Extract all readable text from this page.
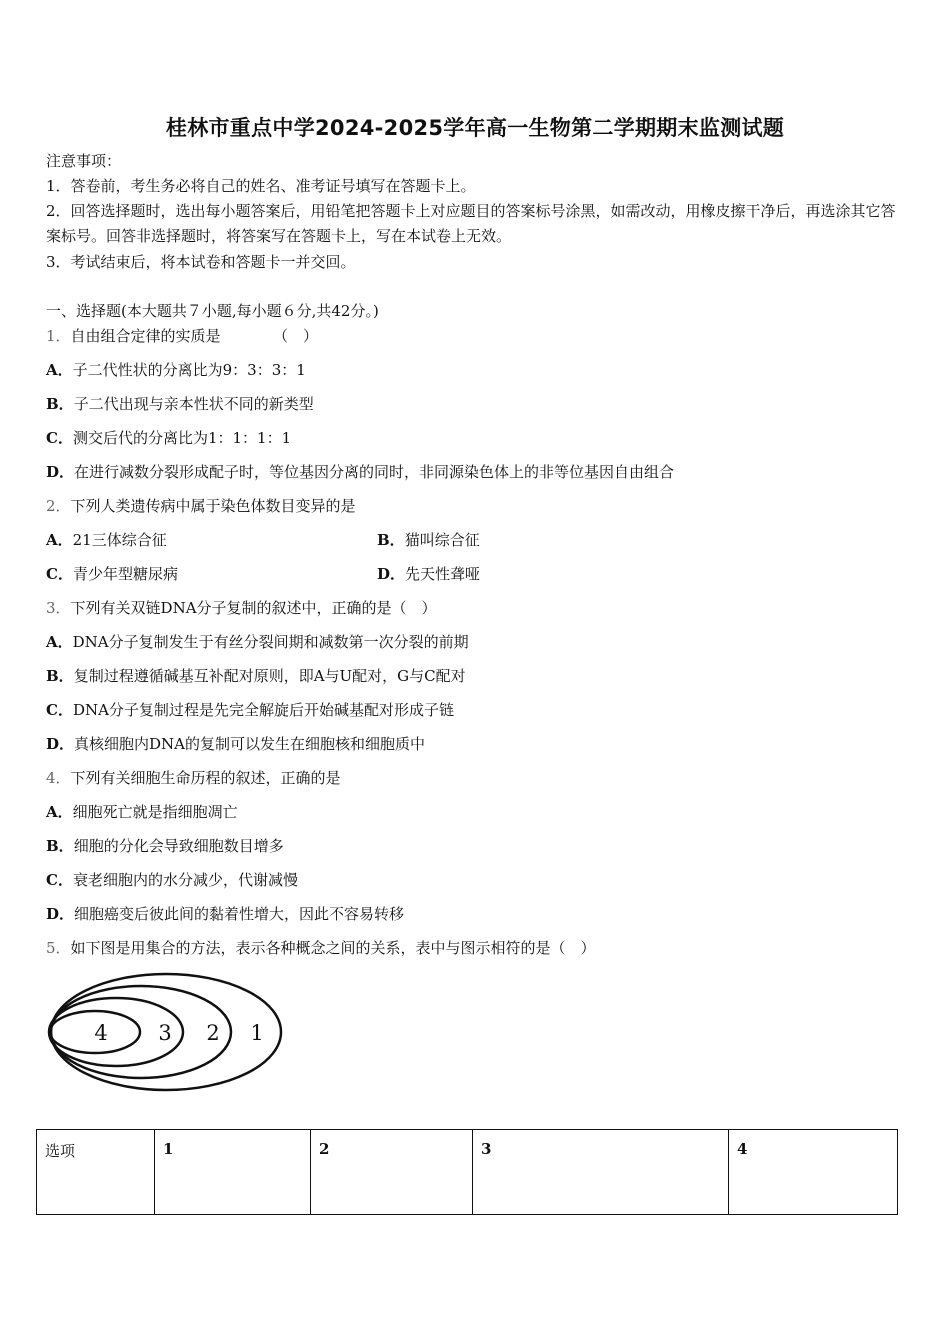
桂林市重点中学2024-2025学年高一生物第二学期期末监测试题
注意事项：
1．答卷前，考生务必将自己的姓名、准考证号填写在答题卡上。
2．回答选择题时，选出每小题答案后，用铅笔把答题卡上对应题目的答案标号涂黑，如需改动，用橡皮擦干净后，再选涂其它答案标号。回答非选择题时，将答案写在答题卡上，写在本试卷上无效。
3．考试结束后，将本试卷和答题卡一并交回。
一、选择题(本大题共７小题,每小题６分,共42分。)
1．自由组合定律的实质是　　　　（　）
A．子二代性状的分离比为9：3：3：1
B．子二代出现与亲本性状不同的新类型
C．测交后代的分离比为1：1：1：1
D．在进行减数分裂形成配子时，等位基因分离的同时，非同源染色体上的非等位基因自由组合
2．下列人类遗传病中属于染色体数目变异的是
A．21三体综合征	B．猫叫综合征
C．青少年型糖尿病	D．先天性聋哑
3．下列有关双链DNA分子复制的叙述中，正确的是（　）
A．DNA分子复制发生于有丝分裂间期和减数第一次分裂的前期
B．复制过程遵循碱基互补配对原则，即A与U配对，G与C配对
C．DNA分子复制过程是先完全解旋后开始碱基配对形成子链
D．真核细胞内DNA的复制可以发生在细胞核和细胞质中
4．下列有关细胞生命历程的叙述，正确的是
A．细胞死亡就是指细胞凋亡
B．细胞的分化会导致细胞数目增多
C．衰老细胞内的水分减少，代谢减慢
D．细胞癌变后彼此间的黏着性增大，因此不容易转移
5．如下图是用集合的方法，表示各种概念之间的关系，表中与图示相符的是（　）
4 3 2 1
选项	1	2	3	4
